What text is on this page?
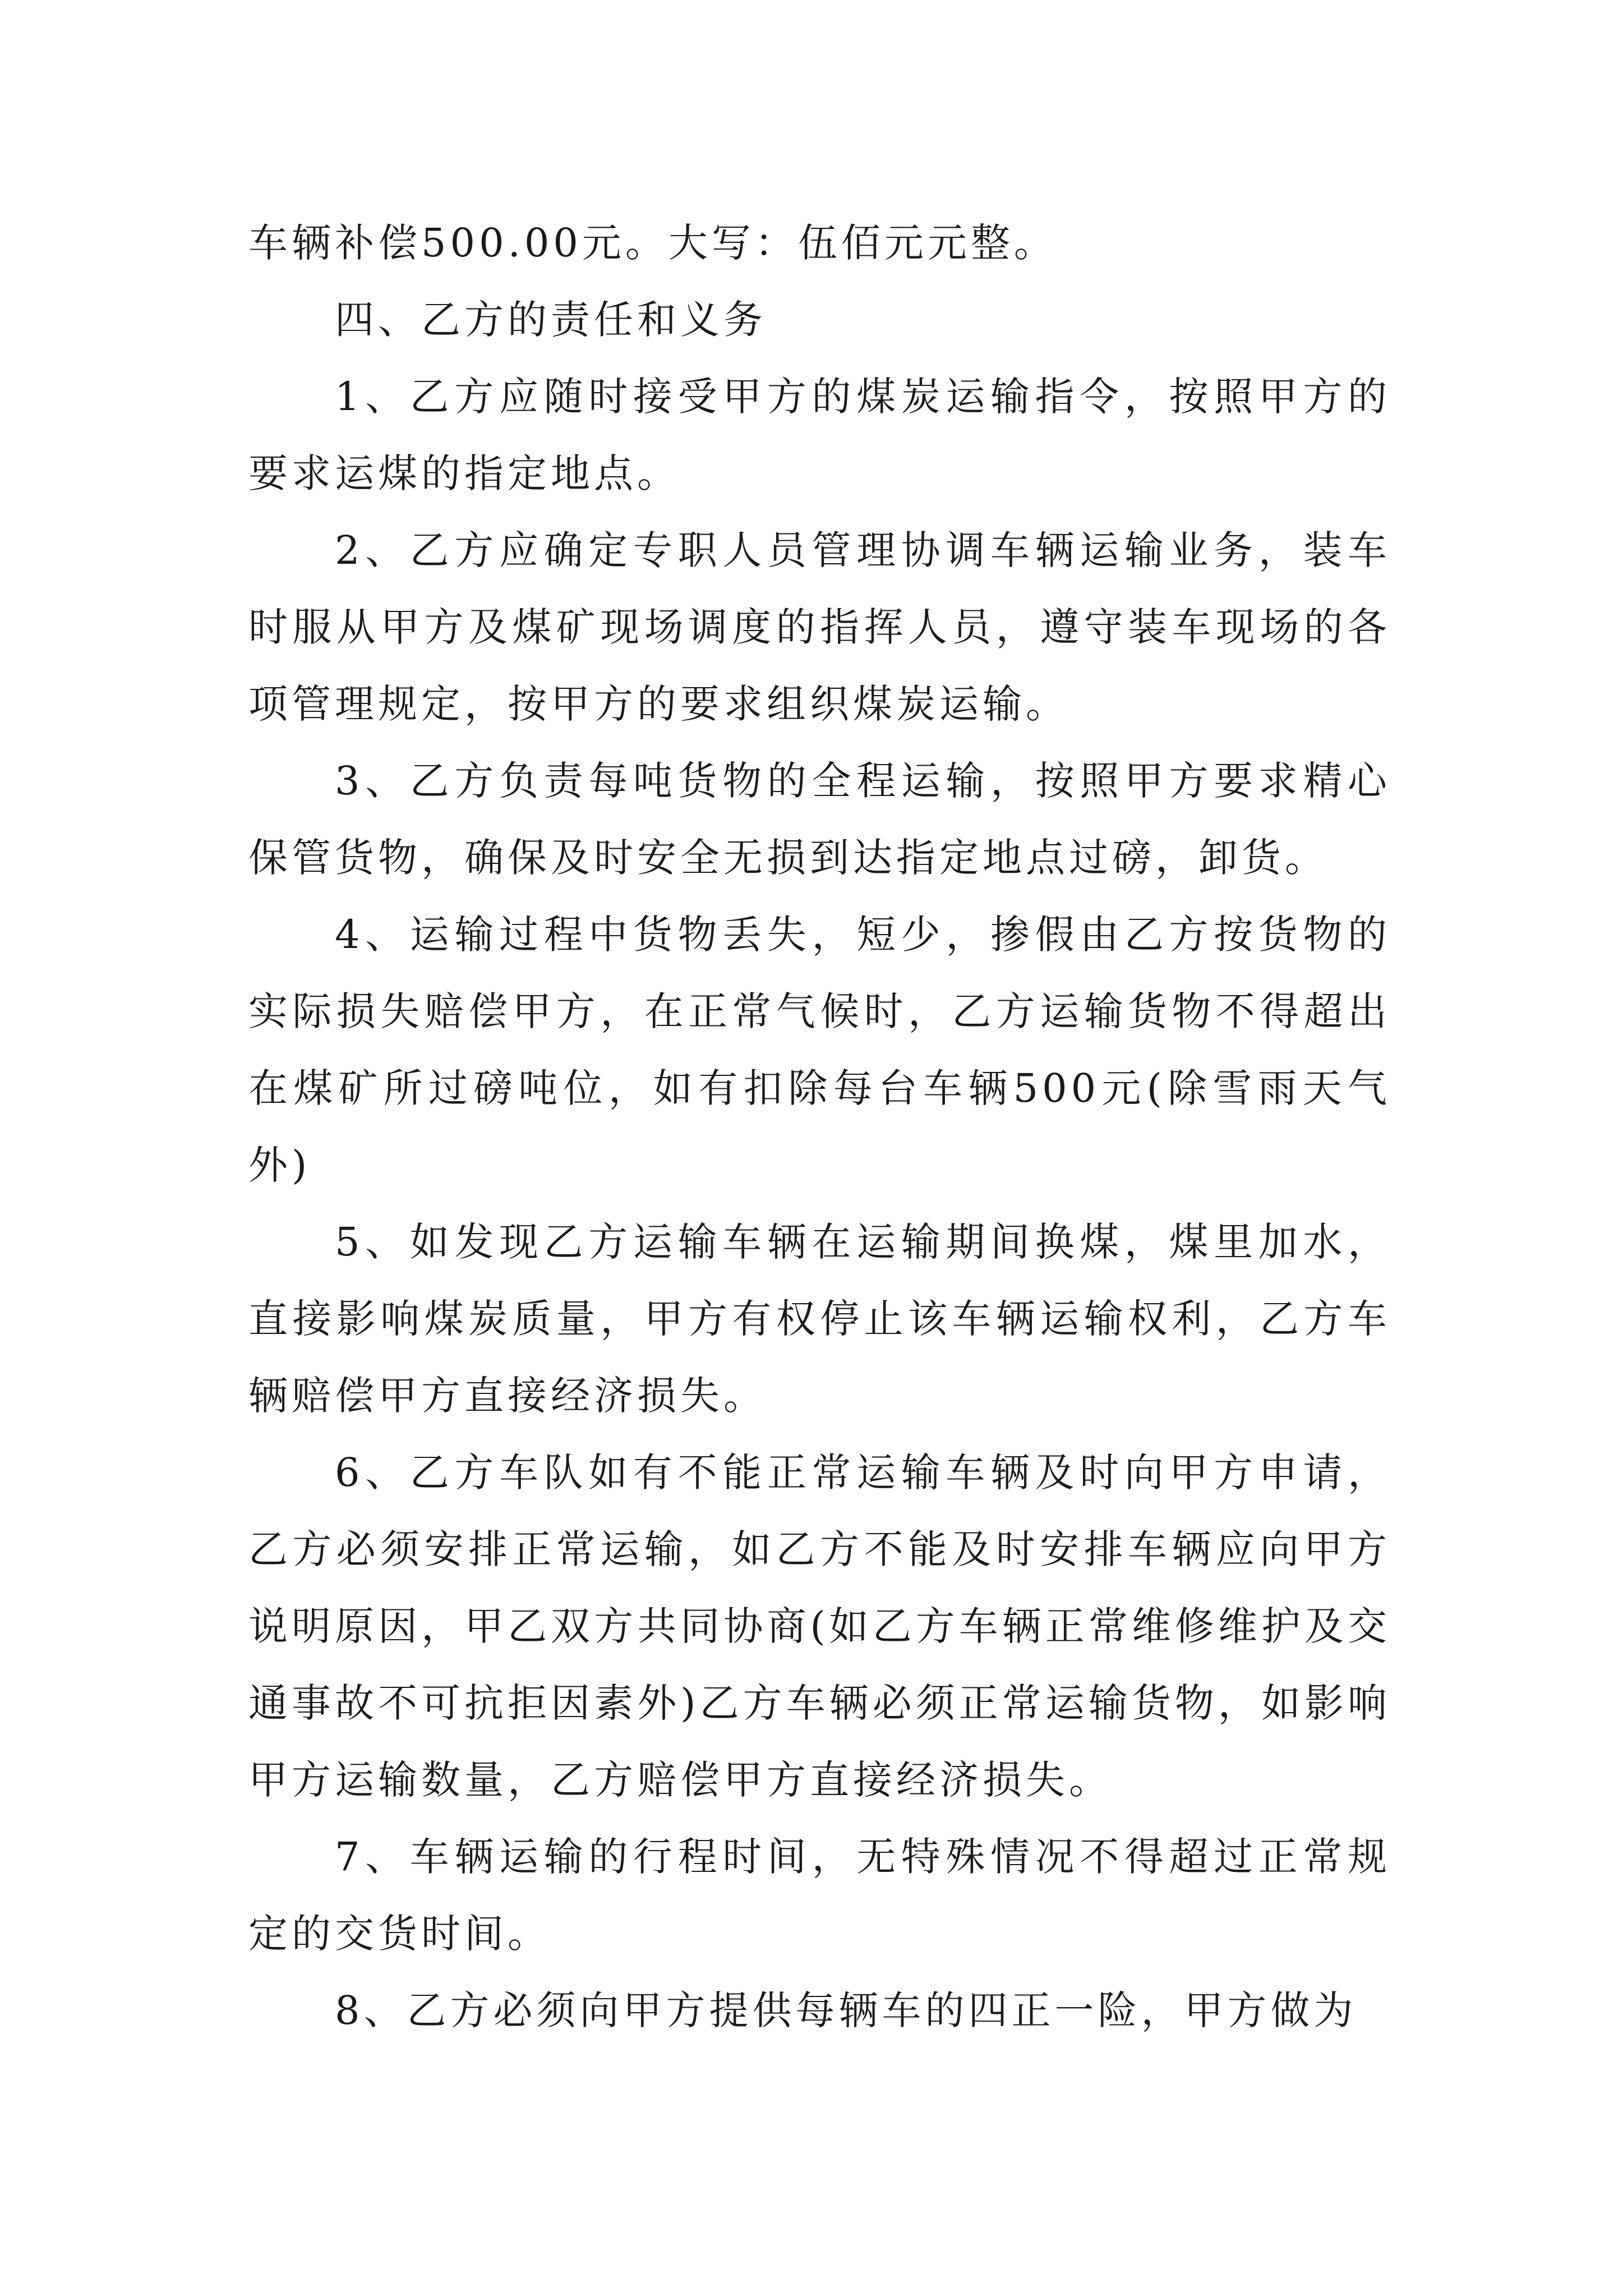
车辆补偿500.00元。大写：伍佰元元整。

四、乙方的责任和义务

1、乙方应随时接受甲方的煤炭运输指令，按照甲方的要求运煤的指定地点。

2、乙方应确定专职人员管理协调车辆运输业务，装车时服从甲方及煤矿现场调度的指挥人员，遵守装车现场的各项管理规定，按甲方的要求组织煤炭运输。

3、乙方负责每吨货物的全程运输，按照甲方要求精心保管货物，确保及时安全无损到达指定地点过磅，卸货。

4、运输过程中货物丢失，短少，掺假由乙方按货物的实际损失赔偿甲方，在正常气候时，乙方运输货物不得超出在煤矿所过磅吨位，如有扣除每台车辆500元(除雪雨天气外)

5、如发现乙方运输车辆在运输期间换煤，煤里加水，直接影响煤炭质量，甲方有权停止该车辆运输权利，乙方车辆赔偿甲方直接经济损失。

6、乙方车队如有不能正常运输车辆及时向甲方申请，乙方必须安排正常运输，如乙方不能及时安排车辆应向甲方说明原因，甲乙双方共同协商(如乙方车辆正常维修维护及交通事故不可抗拒因素外)乙方车辆必须正常运输货物，如影响甲方运输数量，乙方赔偿甲方直接经济损失。

7、车辆运输的行程时间，无特殊情况不得超过正常规定的交货时间。

8、乙方必须向甲方提供每辆车的四正一险，甲方做为
